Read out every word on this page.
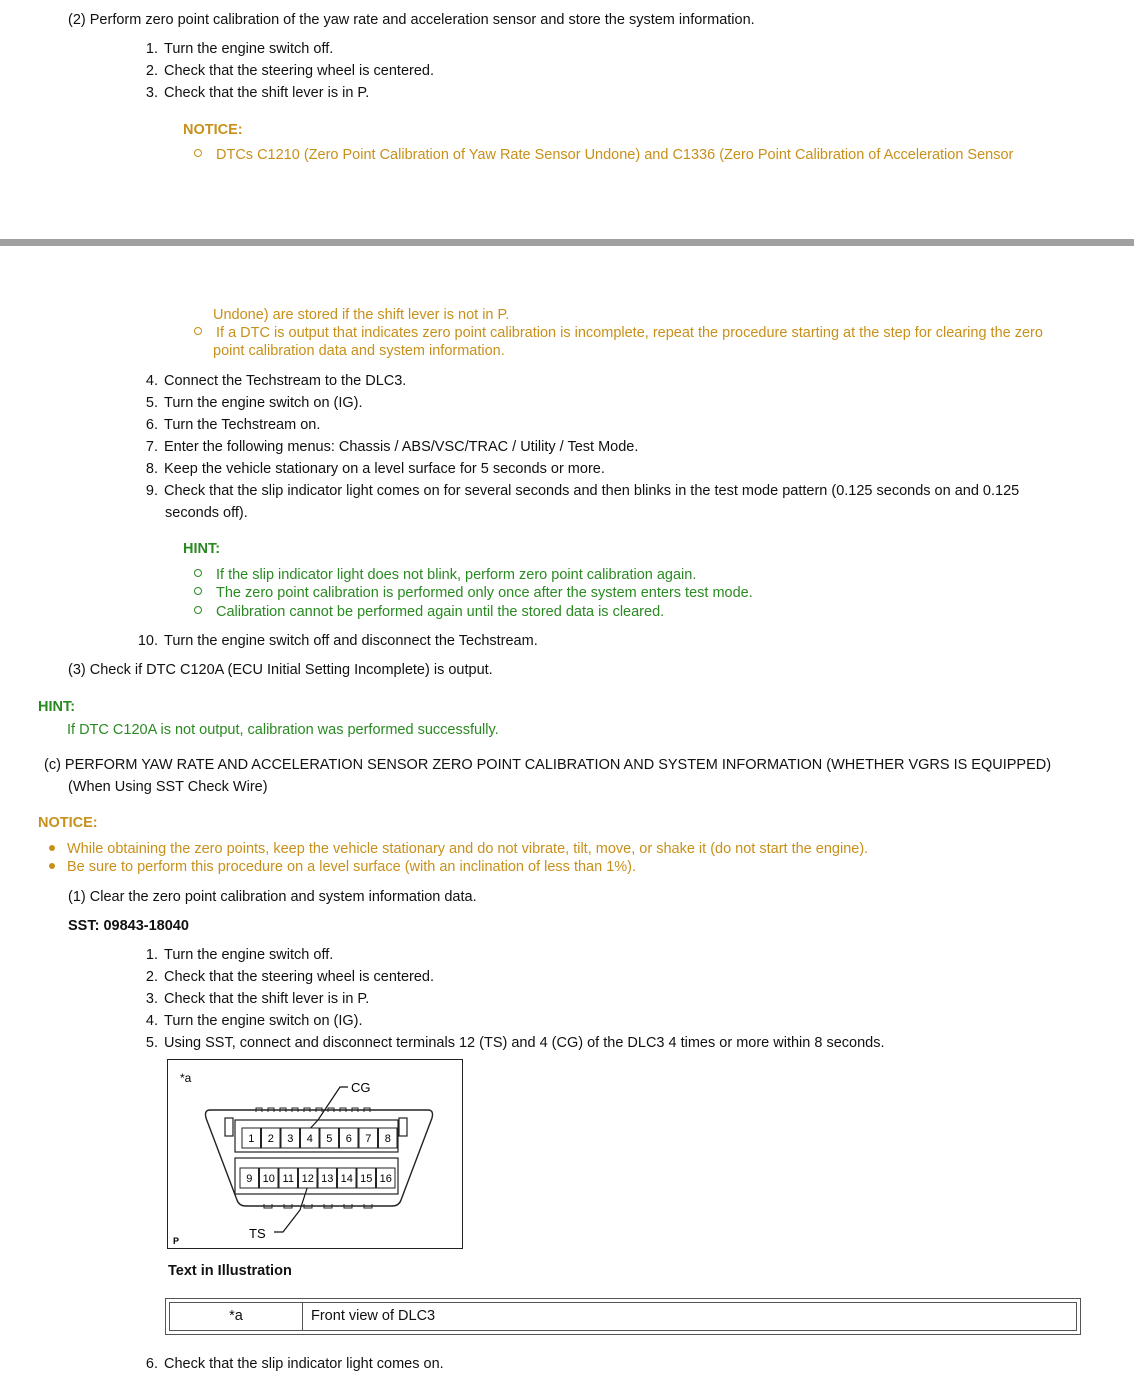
(2) Perform zero point calibration of the yaw rate and acceleration sensor and store the system information.
1. Turn the engine switch off.
2. Check that the steering wheel is centered.
3. Check that the shift lever is in P.
NOTICE:
DTCs C1210 (Zero Point Calibration of Yaw Rate Sensor Undone) and C1336 (Zero Point Calibration of Acceleration Sensor
Undone) are stored if the shift lever is not in P.
If a DTC is output that indicates zero point calibration is incomplete, repeat the procedure starting at the step for clearing the zero
point calibration data and system information.
4. Connect the Techstream to the DLC3.
5. Turn the engine switch on (IG).
6. Turn the Techstream on.
7. Enter the following menus: Chassis / ABS/VSC/TRAC / Utility / Test Mode.
8. Keep the vehicle stationary on a level surface for 5 seconds or more.
9. Check that the slip indicator light comes on for several seconds and then blinks in the test mode pattern (0.125 seconds on and 0.125
seconds off).
HINT:
If the slip indicator light does not blink, perform zero point calibration again.
The zero point calibration is performed only once after the system enters test mode.
Calibration cannot be performed again until the stored data is cleared.
10. Turn the engine switch off and disconnect the Techstream.
(3) Check if DTC C120A (ECU Initial Setting Incomplete) is output.
HINT:
If DTC C120A is not output, calibration was performed successfully.
(c) PERFORM YAW RATE AND ACCELERATION SENSOR ZERO POINT CALIBRATION AND SYSTEM INFORMATION (WHETHER VGRS IS EQUIPPED)
(When Using SST Check Wire)
NOTICE:
While obtaining the zero points, keep the vehicle stationary and do not vibrate, tilt, move, or shake it (do not start the engine).
Be sure to perform this procedure on a level surface (with an inclination of less than 1%).
(1) Clear the zero point calibration and system information data.
SST: 09843-18040
1. Turn the engine switch off.
2. Check that the steering wheel is centered.
3. Check that the shift lever is in P.
4. Turn the engine switch on (IG).
5. Using SST, connect and disconnect terminals 12 (TS) and 4 (CG) of the DLC3 4 times or more within 8 seconds.
*a
CG
TS
P
1 2 3 4 5 6 7 8
9 10 11 12 13 14 15 16
Text in Illustration
*a	Front view of DLC3
6. Check that the slip indicator light comes on.
